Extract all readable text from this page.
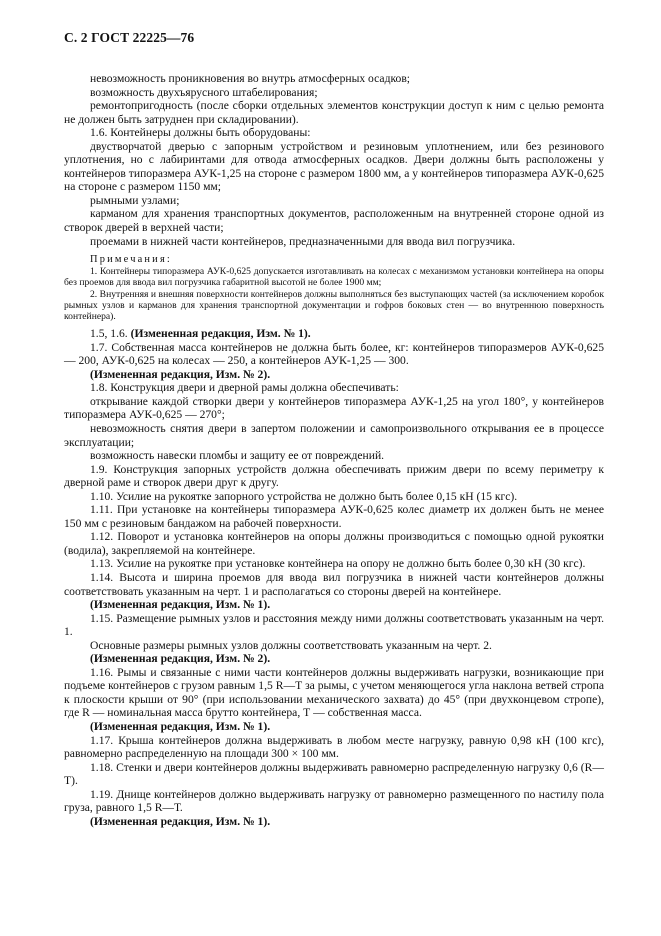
С. 2 ГОСТ 22225—76

невозможность проникновения во внутрь атмосферных осадков;

возможность двухъярусного штабелирования;

ремонтопригодность (после сборки отдельных элементов конструкции доступ к ним с целью ремонта не должен быть затруднен при складировании).

1.6. Контейнеры должны быть оборудованы:

двустворчатой дверью с запорным устройством и резиновым уплотнением, или без резинового уплотнения, но с лабиринтами для отвода атмосферных осадков. Двери должны быть расположены у контейнеров типоразмера АУК-1,25 на стороне с размером 1800 мм, а у контейнеров типоразмера АУК-0,625 на стороне с размером 1150 мм;

рымными узлами;

карманом для хранения транспортных документов, расположенным на внутренней стороне одной из створок дверей в верхней части;

проемами в нижней части контейнеров, предназначенными для ввода вил погрузчика.

Примечания:

1. Контейнеры типоразмера АУК-0,625 допускается изготавливать на колесах с механизмом установки контейнера на опоры без проемов для ввода вил погрузчика габаритной высотой не более 1900 мм;

2. Внутренняя и внешняя поверхности контейнеров должны выполняться без выступающих частей (за исключением коробок рымных узлов и карманов для хранения транспортной документации и гофров боковых стен — во внутреннюю поверхность контейнера).

1.5, 1.6. (Измененная редакция, Изм. № 1).

1.7. Собственная масса контейнеров не должна быть более, кг: контейнеров типоразмеров АУК-0,625 — 200, АУК-0,625 на колесах — 250, а контейнеров АУК-1,25 — 300.

(Измененная редакция, Изм. № 2).

1.8. Конструкция двери и дверной рамы должна обеспечивать:

открывание каждой створки двери у контейнеров типоразмера АУК-1,25 на угол 180°, у контейнеров типоразмера АУК-0,625 — 270°;

невозможность снятия двери в запертом положении и самопроизвольного открывания ее в процессе эксплуатации;

возможность навески пломбы и защиту ее от повреждений.

1.9. Конструкция запорных устройств должна обеспечивать прижим двери по всему периметру к дверной раме и створок двери друг к другу.

1.10. Усилие на рукоятке запорного устройства не должно быть более 0,15 кН (15 кгс).

1.11. При установке на контейнеры типоразмера АУК-0,625 колес диаметр их должен быть не менее 150 мм с резиновым бандажом на рабочей поверхности.

1.12. Поворот и установка контейнеров на опоры должны производиться с помощью одной рукоятки (водила), закрепляемой на контейнере.

1.13. Усилие на рукоятке при установке контейнера на опору не должно быть более 0,30 кН (30 кгс).

1.14. Высота и ширина проемов для ввода вил погрузчика в нижней части контейнеров должны соответствовать указанным на черт. 1 и располагаться со стороны дверей на контейнере.

(Измененная редакция, Изм. № 1).

1.15. Размещение рымных узлов и расстояния между ними должны соответствовать указанным на черт. 1.

Основные размеры рымных узлов должны соответствовать указанным на черт. 2.

(Измененная редакция, Изм. № 2).

1.16. Рымы и связанные с ними части контейнеров должны выдерживать нагрузки, возникающие при подъеме контейнеров с грузом равным 1,5 R—Т за рымы, с учетом меняющегося угла наклона ветвей стропа к плоскости крыши от 90° (при использовании механического захвата) до 45° (при двухконцевом стропе), где R — номинальная масса брутто контейнера, Т — собственная масса.

(Измененная редакция, Изм. № 1).

1.17. Крыша контейнеров должна выдерживать в любом месте нагрузку, равную 0,98 кН (100 кгс), равномерно распределенную на площади 300 × 100 мм.

1.18. Стенки и двери контейнеров должны выдерживать равномерно распределенную нагрузку 0,6 (R—Т).

1.19. Днище контейнеров должно выдерживать нагрузку от равномерно размещенного по настилу пола груза, равного 1,5 R—Т.

(Измененная редакция, Изм. № 1).
